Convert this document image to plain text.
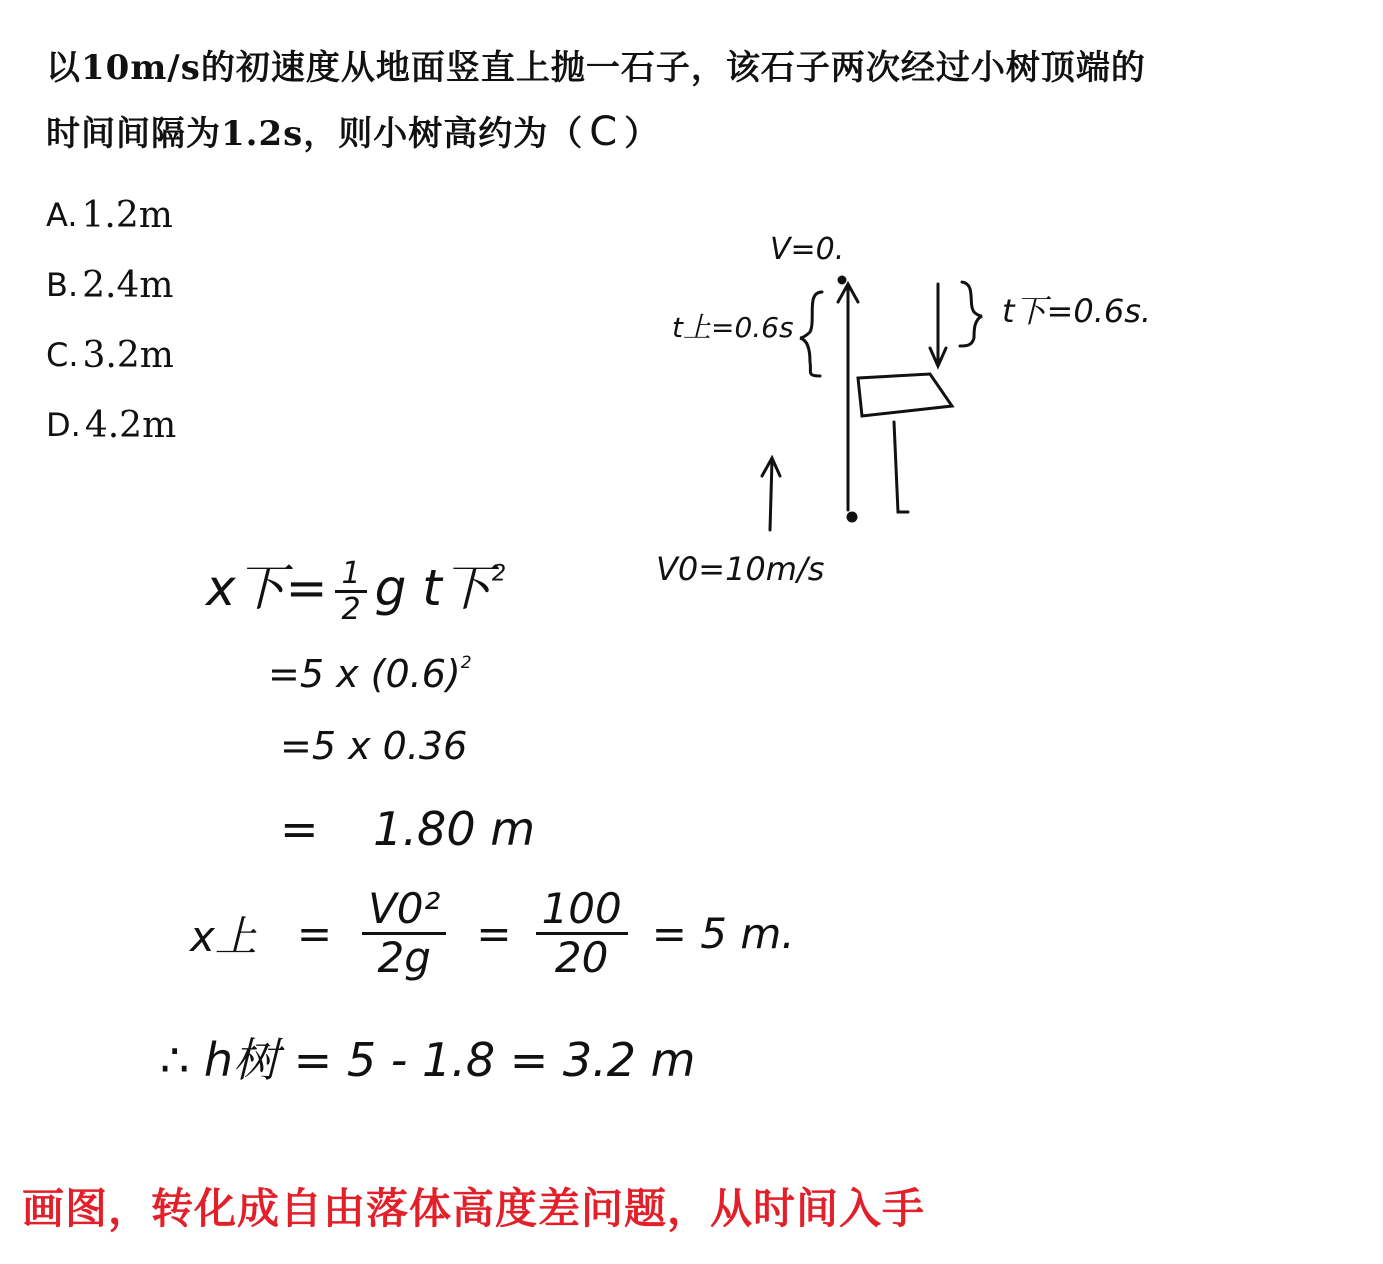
以10m/s的初速度从地面竖直上抛一石子，该石子两次经过小树顶端的
时间间隔为1.2s，则小树高约为（ C ）
A. 1.2m
B. 2.4m
C. 3.2m
D. 4.2m
V=0.
t上=0.6s	t下=0.6s.
V0=10m/s
x下= $\frac{1}{2}$ g t下$^2$
=5 x $(0.6)^2$
=5 x 0.36
= 1.80 m
x上 = $\frac{\text{V0²}}{2g} = \frac{100}{20} = 5$ m.
∴ h树 = 5 - 1.8 = 3.2 m
画图，转化成自由落体高度差问题，从时间入手
